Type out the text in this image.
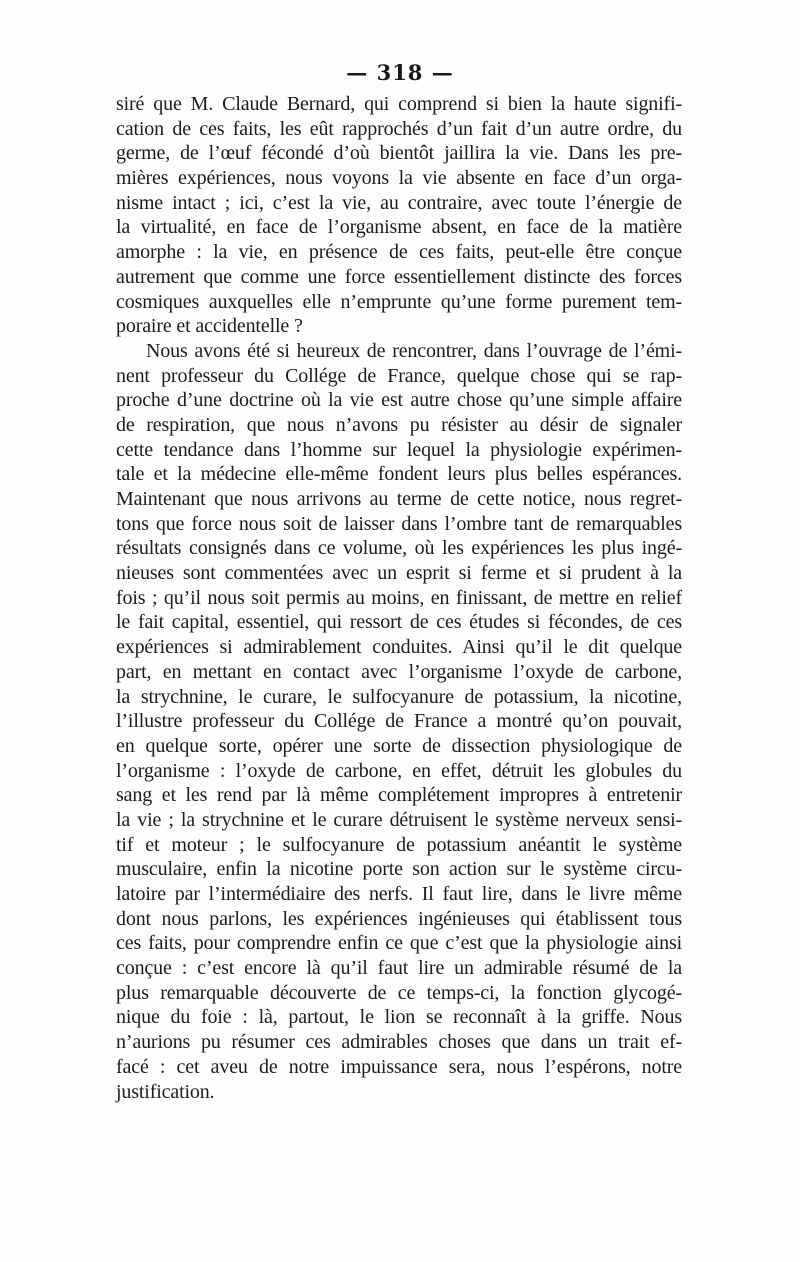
— 318 —
siré que M. Claude Bernard, qui comprend si bien la haute signifi-
cation de ces faits, les eût rapprochés d’un fait d’un autre ordre, du
germe, de l’œuf fécondé d’où bientôt jaillira la vie. Dans les pre-
mières expériences, nous voyons la vie absente en face d’un orga-
nisme intact ; ici, c’est la vie, au contraire, avec toute l’énergie de
la virtualité, en face de l’organisme absent, en face de la matière
amorphe : la vie, en présence de ces faits, peut-elle être conçue
autrement que comme une force essentiellement distincte des forces
cosmiques auxquelles elle n’emprunte qu’une forme purement tem-
poraire et accidentelle ?
Nous avons été si heureux de rencontrer, dans l’ouvrage de l’émi-
nent professeur du Collége de France, quelque chose qui se rap-
proche d’une doctrine où la vie est autre chose qu’une simple affaire
de respiration, que nous n’avons pu résister au désir de signaler
cette tendance dans l’homme sur lequel la physiologie expérimen-
tale et la médecine elle-même fondent leurs plus belles espérances.
Maintenant que nous arrivons au terme de cette notice, nous regret-
tons que force nous soit de laisser dans l’ombre tant de remarquables
résultats consignés dans ce volume, où les expériences les plus ingé-
nieuses sont commentées avec un esprit si ferme et si prudent à la
fois ; qu’il nous soit permis au moins, en finissant, de mettre en relief
le fait capital, essentiel, qui ressort de ces études si fécondes, de ces
expériences si admirablement conduites. Ainsi qu’il le dit quelque
part, en mettant en contact avec l’organisme l’oxyde de carbone,
la strychnine, le curare, le sulfocyanure de potassium, la nicotine,
l’illustre professeur du Collége de France a montré qu’on pouvait,
en quelque sorte, opérer une sorte de dissection physiologique de
l’organisme : l’oxyde de carbone, en effet, détruit les globules du
sang et les rend par là même complétement impropres à entretenir
la vie ; la strychnine et le curare détruisent le système nerveux sensi-
tif et moteur ; le sulfocyanure de potassium anéantit le système
musculaire, enfin la nicotine porte son action sur le système circu-
latoire par l’intermédiaire des nerfs. Il faut lire, dans le livre même
dont nous parlons, les expériences ingénieuses qui établissent tous
ces faits, pour comprendre enfin ce que c’est que la physiologie ainsi
conçue : c’est encore là qu’il faut lire un admirable résumé de la
plus remarquable découverte de ce temps-ci, la fonction glycogé-
nique du foie : là, partout, le lion se reconnaît à la griffe. Nous
n’aurions pu résumer ces admirables choses que dans un trait ef-
facé : cet aveu de notre impuissance sera, nous l’espérons, notre
justification.
